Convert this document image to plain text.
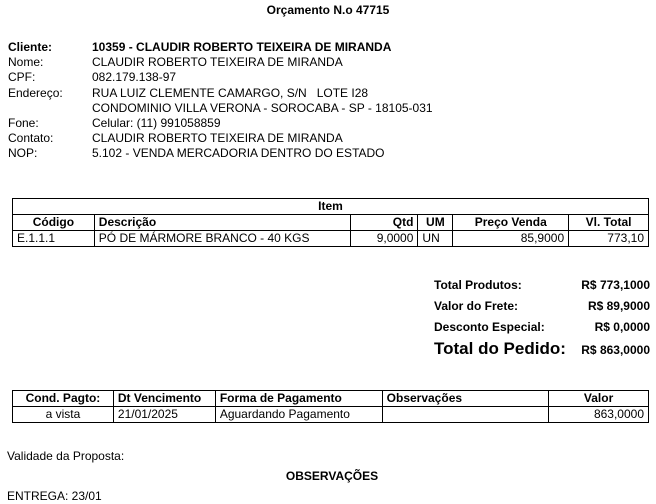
Orçamento N.o 47715
Cliente:	10359 - CLAUDIR ROBERTO TEIXEIRA DE MIRANDA
Nome:	CLAUDIR ROBERTO TEIXEIRA DE MIRANDA
CPF:	082.179.138-97
Endereço: RUA LUIZ CLEMENTE CAMARGO, S/N   LOTE I28
CONDOMINIO VILLA VERONA - SOROCABA - SP - 18105-031
Fone:	Celular: (11) 991058859
Contato:	CLAUDIR ROBERTO TEIXEIRA DE MIRANDA
NOP:	5.102 - VENDA MERCADORIA DENTRO DO ESTADO
Item					
Código	Descrição	Qtd	UM	Preço Venda	Vl. Total
E.1.1.1	PÓ DE MÁRMORE BRANCO - 40 KGS	9,0000	UN	85,9000	773,10
Total Produtos:	R$ 773,1000
Valor do Frete:	R$ 89,9000
Desconto Especial:	R$ 0,0000
Total do Pedido: R$ 863,0000
Cond. Pagto:	Dt Vencimento	Forma de Pagamento	Observações	Valor
a vista	21/01/2025	Aguardando Pagamento		863,0000
Validade da Proposta:
OBSERVAÇÕES
ENTREGA: 23/01
